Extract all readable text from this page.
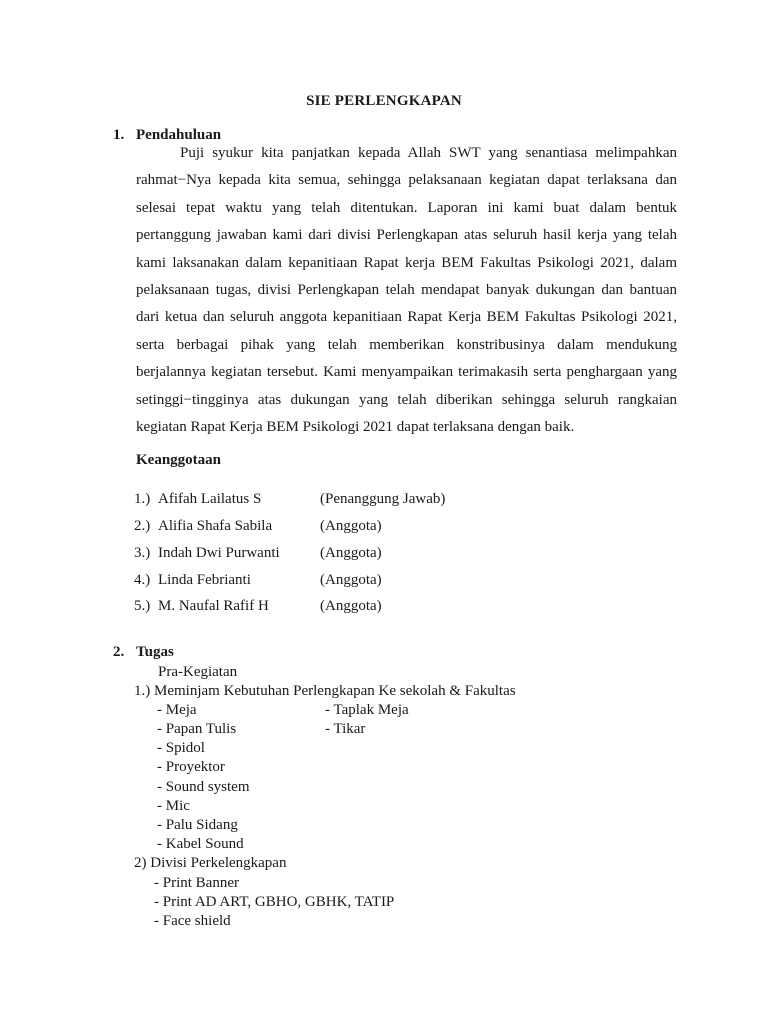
SIE PERLENGKAPAN
1. Pendahuluan
Puji syukur kita panjatkan kepada Allah SWT yang senantiasa melimpahkan rahmat−Nya kepada kita semua, sehingga pelaksanaan kegiatan dapat terlaksana dan selesai tepat waktu yang telah ditentukan. Laporan ini kami buat dalam bentuk pertanggung jawaban kami dari divisi Perlengkapan atas seluruh hasil kerja yang telah kami laksanakan dalam kepanitiaan Rapat kerja BEM Fakultas Psikologi 2021, dalam pelaksanaan tugas, divisi Perlengkapan telah mendapat banyak dukungan dan bantuan dari ketua dan seluruh anggota kepanitiaan Rapat Kerja BEM Fakultas Psikologi 2021, serta berbagai pihak yang telah memberikan konstribusinya dalam mendukung berjalannya kegiatan tersebut. Kami menyampaikan terimakasih serta penghargaan yang setinggi−tingginya atas dukungan yang telah diberikan sehingga seluruh rangkaian kegiatan Rapat Kerja BEM Psikologi 2021 dapat terlaksana dengan baik.
Keanggotaan
1.) Afifah Lailatus S	(Penanggung Jawab)
2.) Alifia Shafa Sabila	(Anggota)
3.) Indah Dwi Purwanti	(Anggota)
4.) Linda Febrianti	(Anggota)
5.) M. Naufal Rafif H	(Anggota)
2. Tugas
Pra-Kegiatan
1.) Meminjam Kebutuhan Perlengkapan Ke sekolah & Fakultas
- Meja	- Taplak Meja
- Papan Tulis	- Tikar
- Spidol
- Proyektor
- Sound system
- Mic
- Palu Sidang
- Kabel Sound
2) Divisi Perkelengkapan
- Print Banner
- Print AD ART, GBHO, GBHK, TATIP
- Face shield
